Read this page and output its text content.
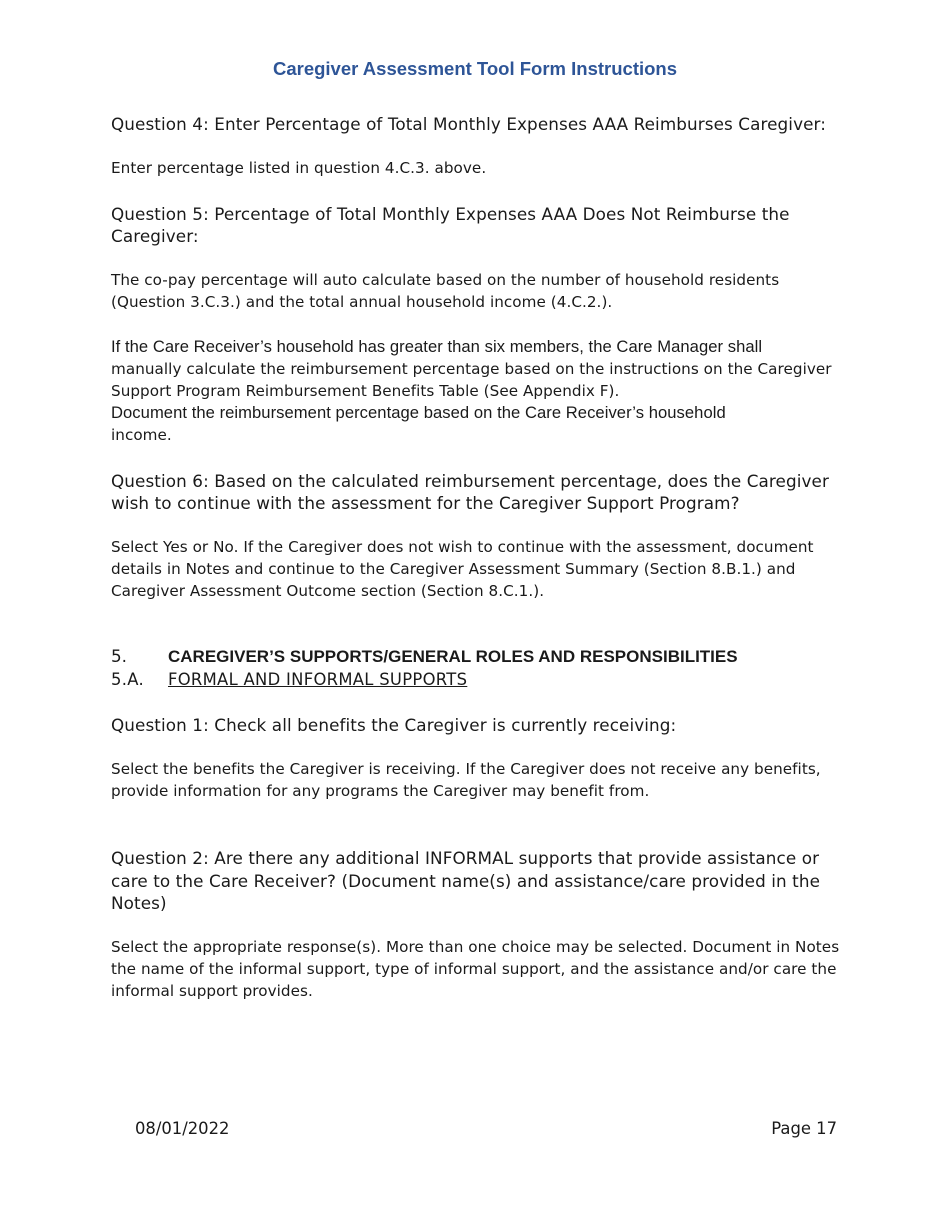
Caregiver Assessment Tool Form Instructions

Question 4: Enter Percentage of Total Monthly Expenses AAA Reimburses Caregiver:

Enter percentage listed in question 4.C.3. above.

Question 5: Percentage of Total Monthly Expenses AAA Does Not Reimburse the Caregiver:

The co-pay percentage will auto calculate based on the number of household residents (Question 3.C.3.) and the total annual household income (4.C.2.).

If the Care Receiver’s household has greater than six members, the Care Manager shall

manually calculate the reimbursement percentage based on the instructions on the Caregiver Support Program Reimbursement Benefits Table (See Appendix F).

Document the reimbursement percentage based on the Care Receiver’s household

income.

Question 6: Based on the calculated reimbursement percentage, does the Caregiver wish to continue with the assessment for the Caregiver Support Program?

Select Yes or No. If the Caregiver does not wish to continue with the assessment, document details in Notes and continue to the Caregiver Assessment Summary (Section 8.B.1.) and Caregiver Assessment Outcome section (Section 8.C.1.).

5.	CAREGIVER’S SUPPORTS/GENERAL ROLES AND RESPONSIBILITIES
5.A. FORMAL AND INFORMAL SUPPORTS

Question 1: Check all benefits the Caregiver is currently receiving:

Select the benefits the Caregiver is receiving. If the Caregiver does not receive any benefits, provide information for any programs the Caregiver may benefit from.

Question 2: Are there any additional INFORMAL supports that provide assistance or care to the Care Receiver? (Document name(s) and assistance/care provided in the Notes)

Select the appropriate response(s). More than one choice may be selected. Document in Notes the name of the informal support, type of informal support, and the assistance and/or care the informal support provides.

08/01/2022	Page 17
